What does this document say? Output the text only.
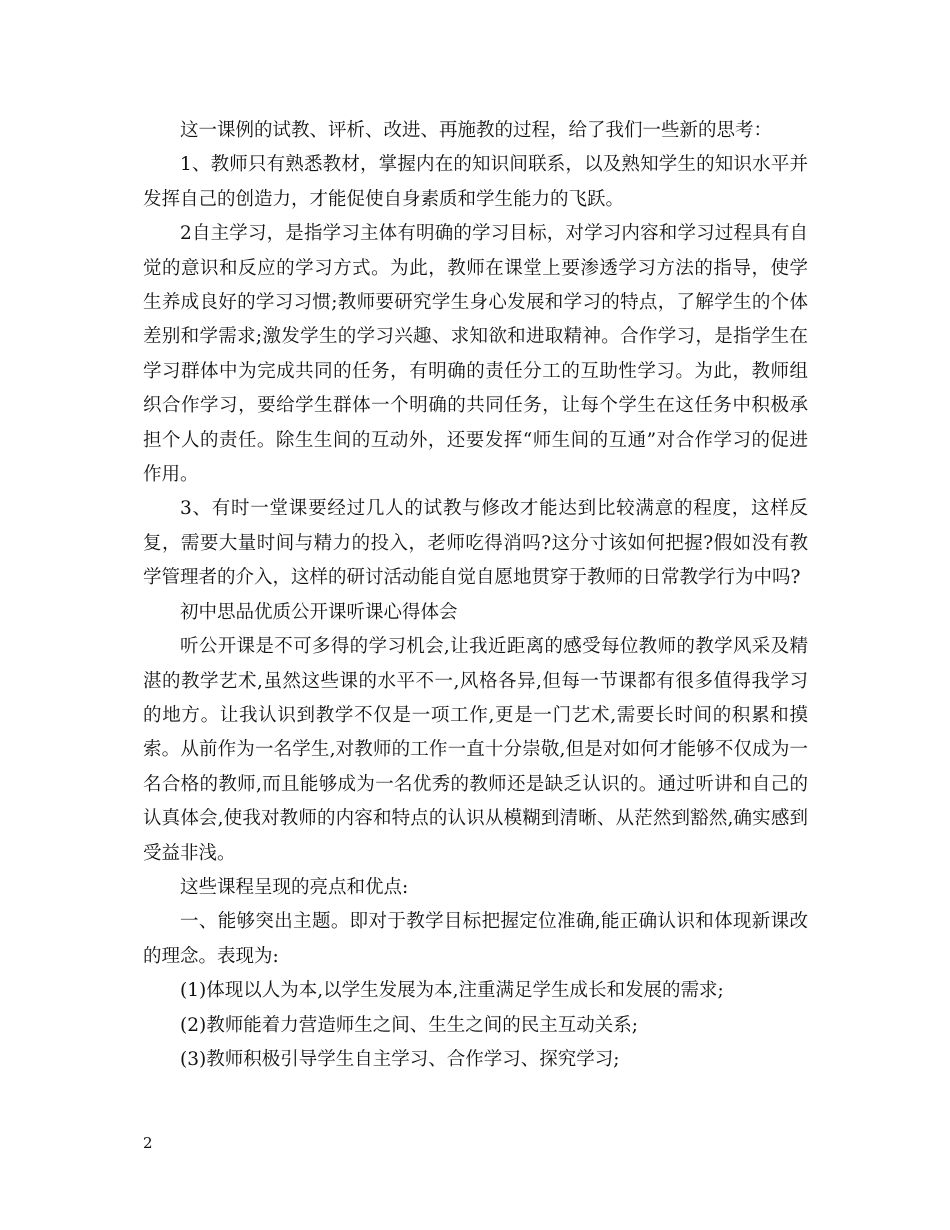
这一课例的试教、评析、改进、再施教的过程，给了我们一些新的思考：

1、教师只有熟悉教材，掌握内在的知识间联系，以及熟知学生的知识水平并发挥自己的创造力，才能促使自身素质和学生能力的飞跃。

2自主学习，是指学习主体有明确的学习目标，对学习内容和学习过程具有自觉的意识和反应的学习方式。为此，教师在课堂上要渗透学习方法的指导，使学生养成良好的学习习惯;教师要研究学生身心发展和学习的特点，了解学生的个体差别和学需求;激发学生的学习兴趣、求知欲和进取精神。合作学习，是指学生在学习群体中为完成共同的任务，有明确的责任分工的互助性学习。为此，教师组织合作学习，要给学生群体一个明确的共同任务，让每个学生在这任务中积极承担个人的责任。除生生间的互动外，还要发挥“师生间的互通”对合作学习的促进作用。

3、有时一堂课要经过几人的试教与修改才能达到比较满意的程度，这样反复，需要大量时间与精力的投入，老师吃得消吗?这分寸该如何把握?假如没有教学管理者的介入，这样的研讨活动能自觉自愿地贯穿于教师的日常教学行为中吗?

初中思品优质公开课听课心得体会

听公开课是不可多得的学习机会,让我近距离的感受每位教师的教学风采及精湛的教学艺术,虽然这些课的水平不一,风格各异,但每一节课都有很多值得我学习的地方。让我认识到教学不仅是一项工作,更是一门艺术,需要长时间的积累和摸索。从前作为一名学生,对教师的工作一直十分崇敬,但是对如何才能够不仅成为一名合格的教师,而且能够成为一名优秀的教师还是缺乏认识的。通过听讲和自己的认真体会,使我对教师的内容和特点的认识从模糊到清晰、从茫然到豁然,确实感到受益非浅。

这些课程呈现的亮点和优点:

一、能够突出主题。即对于教学目标把握定位准确,能正确认识和体现新课改的理念。表现为:

(1)体现以人为本,以学生发展为本,注重满足学生成长和发展的需求;

(2)教师能着力营造师生之间、生生之间的民主互动关系;

(3)教师积极引导学生自主学习、合作学习、探究学习;

2
